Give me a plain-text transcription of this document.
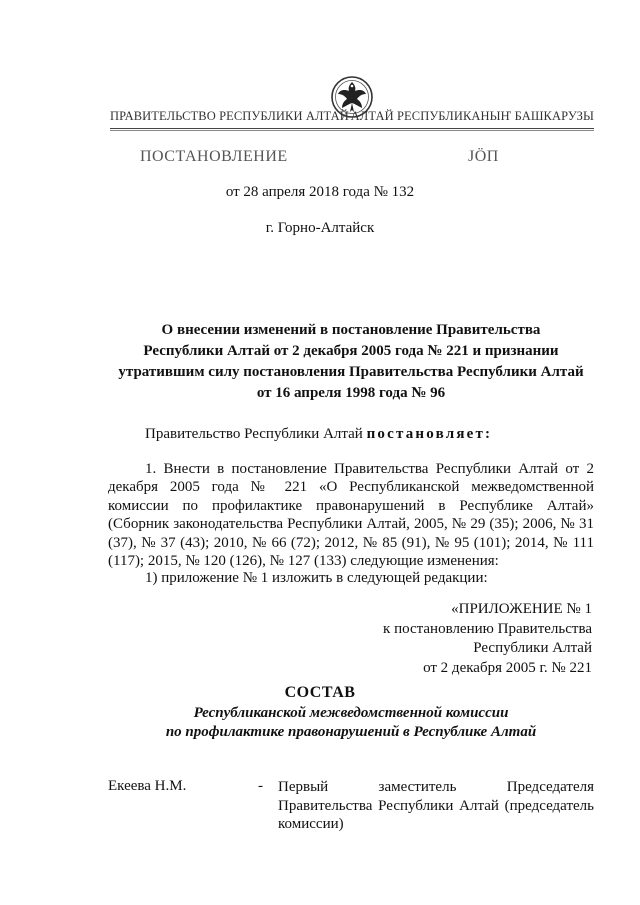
ПРАВИТЕЛЬСТВО РЕСПУБЛИКИ АЛТАЙ АЛТАЙ РЕСПУБЛИКАНЫҤ БАШКАРУЗЫ
ПОСТАНОВЛЕНИЕ	ЈӦП
от 28 апреля 2018 года № 132
г. Горно-Алтайск
О внесении изменений в постановление Правительства
Республики Алтай от 2 декабря 2005 года № 221 и признании
утратившим силу постановления Правительства Республики Алтай
от 16 апреля 1998 года № 96
Правительство Республики Алтай постановляет:
1. Внести в постановление Правительства Республики Алтай от 2 декабря 2005 года № 221 «О Республиканской межведомственной комиссии по профилактике правонарушений в Республике Алтай» (Сборник законодательства Республики Алтай, 2005, № 29 (35); 2006, № 31 (37), № 37 (43); 2010, № 66 (72); 2012, № 85 (91), № 95 (101); 2014, № 111 (117); 2015, № 120 (126), № 127 (133) следующие изменения:
1) приложение № 1 изложить в следующей редакции:
«ПРИЛОЖЕНИЕ № 1
к постановлению Правительства
Республики Алтай
от 2 декабря 2005 г. № 221
СОСТАВ
Республиканской межведомственной комиссии
по профилактике правонарушений в Республике Алтай
Екеева Н.М.	- Первый заместитель Председателя Правительства Республики Алтай (председатель комиссии)
